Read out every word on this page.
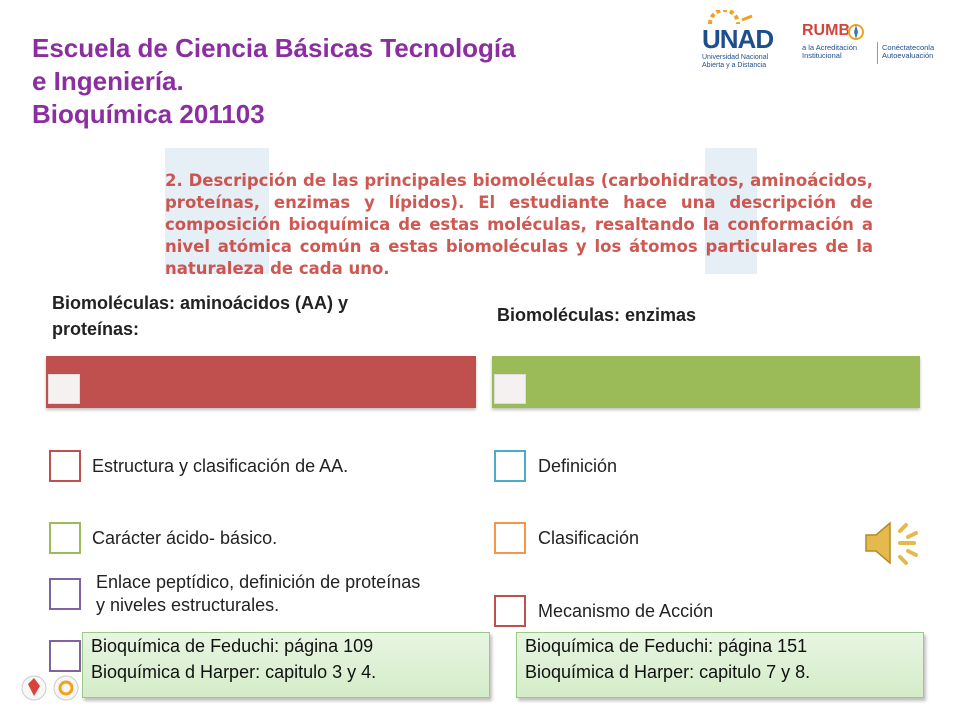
Escuela de Ciencia Básicas Tecnología
e Ingeniería.
Bioquímica 201103
UNAD
Universidad Nacional
Abierta y a Distancia
RUMB
a la Acreditación
Institucional
Conéctateconla
Autoevaluación
2. Descripción de las principales biomoléculas (carbohidratos, aminoácidos, proteínas, enzimas y lípidos). El estudiante hace una descripción de composición bioquímica de estas moléculas, resaltando la conformación a nivel atómica común a estas biomoléculas y los átomos particulares de la naturaleza de cada uno.
Biomoléculas: aminoácidos (AA) y proteínas:
Biomoléculas: enzimas
Estructura y clasificación de AA.
Carácter ácido- básico.
Enlace peptídico, definición de proteínas y niveles estructurales.
Definición
Clasificación
Mecanismo de Acción
Bioquímica de Feduchi: página 109
Bioquímica d Harper: capitulo 3 y 4.
Bioquímica de Feduchi: página 151
Bioquímica d Harper: capitulo 7 y 8.
